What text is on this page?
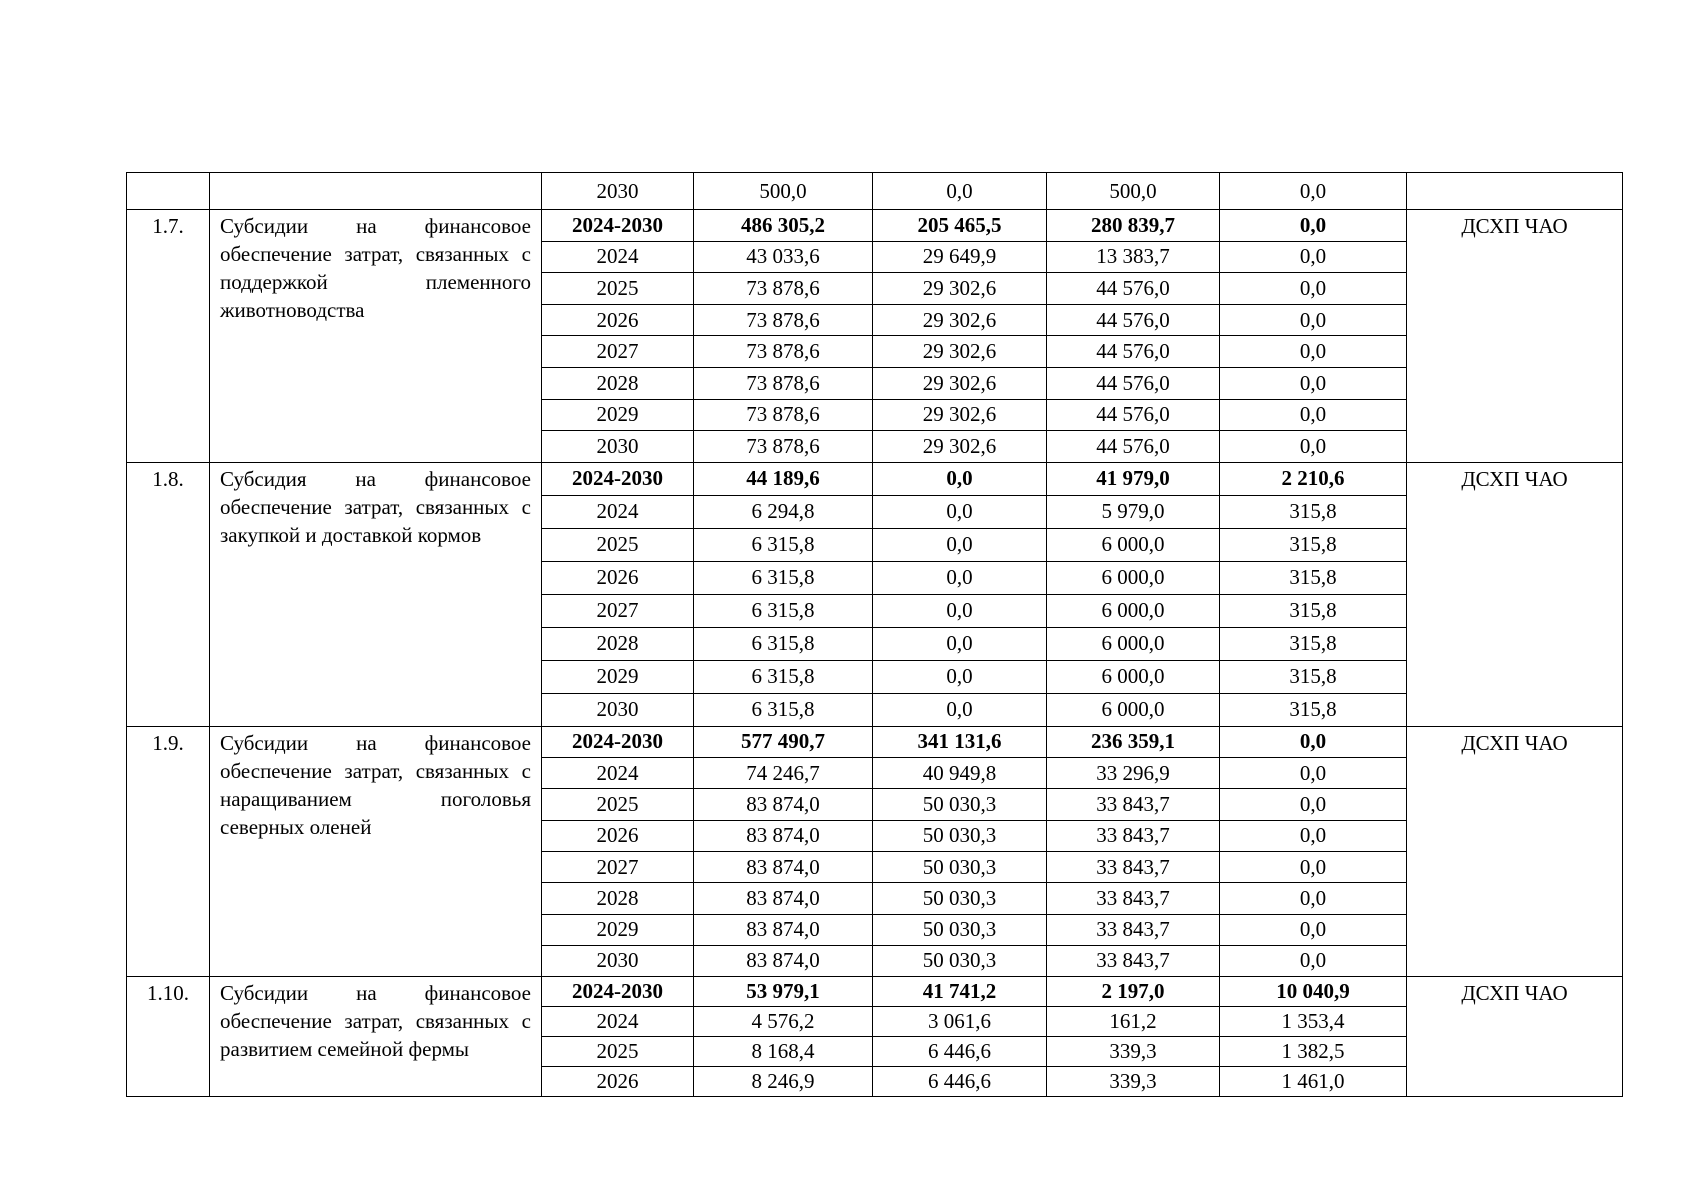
		2030	500,0	0,0	500,0	0,0	
1.7.	Субсидии на финансовое обеспечение затрат, связанных с поддержкой племенного животноводства	2024-2030	486 305,2	205 465,5	280 839,7	0,0	ДСХП ЧАО
		2024	43 033,6	29 649,9	13 383,7	0,0	
		2025	73 878,6	29 302,6	44 576,0	0,0	
		2026	73 878,6	29 302,6	44 576,0	0,0	
		2027	73 878,6	29 302,6	44 576,0	0,0	
		2028	73 878,6	29 302,6	44 576,0	0,0	
		2029	73 878,6	29 302,6	44 576,0	0,0	
		2030	73 878,6	29 302,6	44 576,0	0,0	
1.8.	Субсидия на финансовое обеспечение затрат, связанных с закупкой и доставкой кормов	2024-2030	44 189,6	0,0	41 979,0	2 210,6	ДСХП ЧАО
		2024	6 294,8	0,0	5 979,0	315,8	
		2025	6 315,8	0,0	6 000,0	315,8	
		2026	6 315,8	0,0	6 000,0	315,8	
		2027	6 315,8	0,0	6 000,0	315,8	
		2028	6 315,8	0,0	6 000,0	315,8	
		2029	6 315,8	0,0	6 000,0	315,8	
		2030	6 315,8	0,0	6 000,0	315,8	
1.9.	Субсидии на финансовое обеспечение затрат, связанных с наращиванием поголовья северных оленей	2024-2030	577 490,7	341 131,6	236 359,1	0,0	ДСХП ЧАО
		2024	74 246,7	40 949,8	33 296,9	0,0	
		2025	83 874,0	50 030,3	33 843,7	0,0	
		2026	83 874,0	50 030,3	33 843,7	0,0	
		2027	83 874,0	50 030,3	33 843,7	0,0	
		2028	83 874,0	50 030,3	33 843,7	0,0	
		2029	83 874,0	50 030,3	33 843,7	0,0	
		2030	83 874,0	50 030,3	33 843,7	0,0	
1.10.	Субсидии на финансовое обеспечение затрат, связанных с развитием семейной фермы	2024-2030	53 979,1	41 741,2	2 197,0	10 040,9	ДСХП ЧАО
		2024	4 576,2	3 061,6	161,2	1 353,4	
		2025	8 168,4	6 446,6	339,3	1 382,5	
		2026	8 246,9	6 446,6	339,3	1 461,0	
